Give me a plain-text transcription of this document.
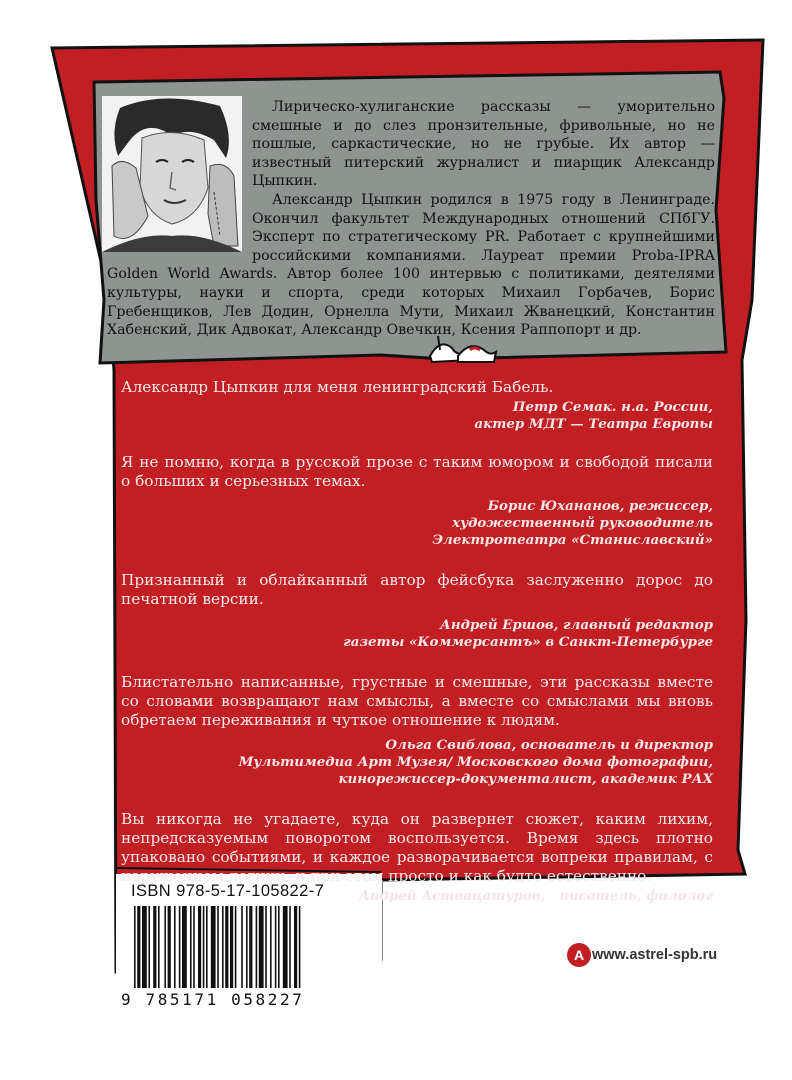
A

Лирическо-хулиганские рассказы — уморительно смешные и до слез пронзительные, фривольные, но не пошлые, саркастические, но не грубые. Их автор — известный питерский журналист и пиарщик Александр Цыпкин.

Александр Цыпкин родился в 1975 году в Ленинграде. Окончил факультет Международных отношений СПбГУ. Эксперт по стратегическому PR. Работает с крупнейшими российскими компаниями. Лауреат премии Proba-IPRA Golden World Awards. Автор более 100 интервью с политиками, деятелями культуры, науки и спорта, среди которых Михаил Горбачев, Борис Гребенщиков, Лев Додин, Орнелла Мути, Михаил Жванецкий, Константин Хабенский, Дик Адвокат, Александр Овечкин, Ксения Раппопорт и др.

Александр Цыпкин для меня ленинградский Бабель.

Петр Семак. н.а. России,
актер МДТ — Театра Европы

Я не помню, когда в русской прозе с таким юмором и свободой писали о больших и серьезных темах.

Борис Юхананов, режиссер,
художественный руководитель
Электротеатра «Станиславский»

Признанный и облайканный автор фейсбука заслуженно дорос до печатной версии.

Андрей Ершов, главный редактор
газеты «Коммерсантъ» в Санкт-Петербурге

Блистательно написанные, грустные и смешные, эти рассказы вместе со словами возвращают нам смыслы, а вместе со смыслами мы вновь обретаем переживания и чуткое отношение к людям.

Ольга Свиблова, основатель и директор
Мультимедиа Арт Музея/ Московского дома фотографии,
кинорежиссер-документалист, академик РАХ

Вы никогда не угадаете, куда он развернет сюжет, каким лихим, непредсказуемым поворотом воспользуется. Время здесь плотно упаковано событиями, и каждое разворачивается вопреки правилам, с нарушением логики, и при этом просто и как будто естественно.

Андрей Аствацатуров,   писатель, филолог
ISBN 978-5-17-105822-7
9 785171 058227
www.astrel-spb.ru
